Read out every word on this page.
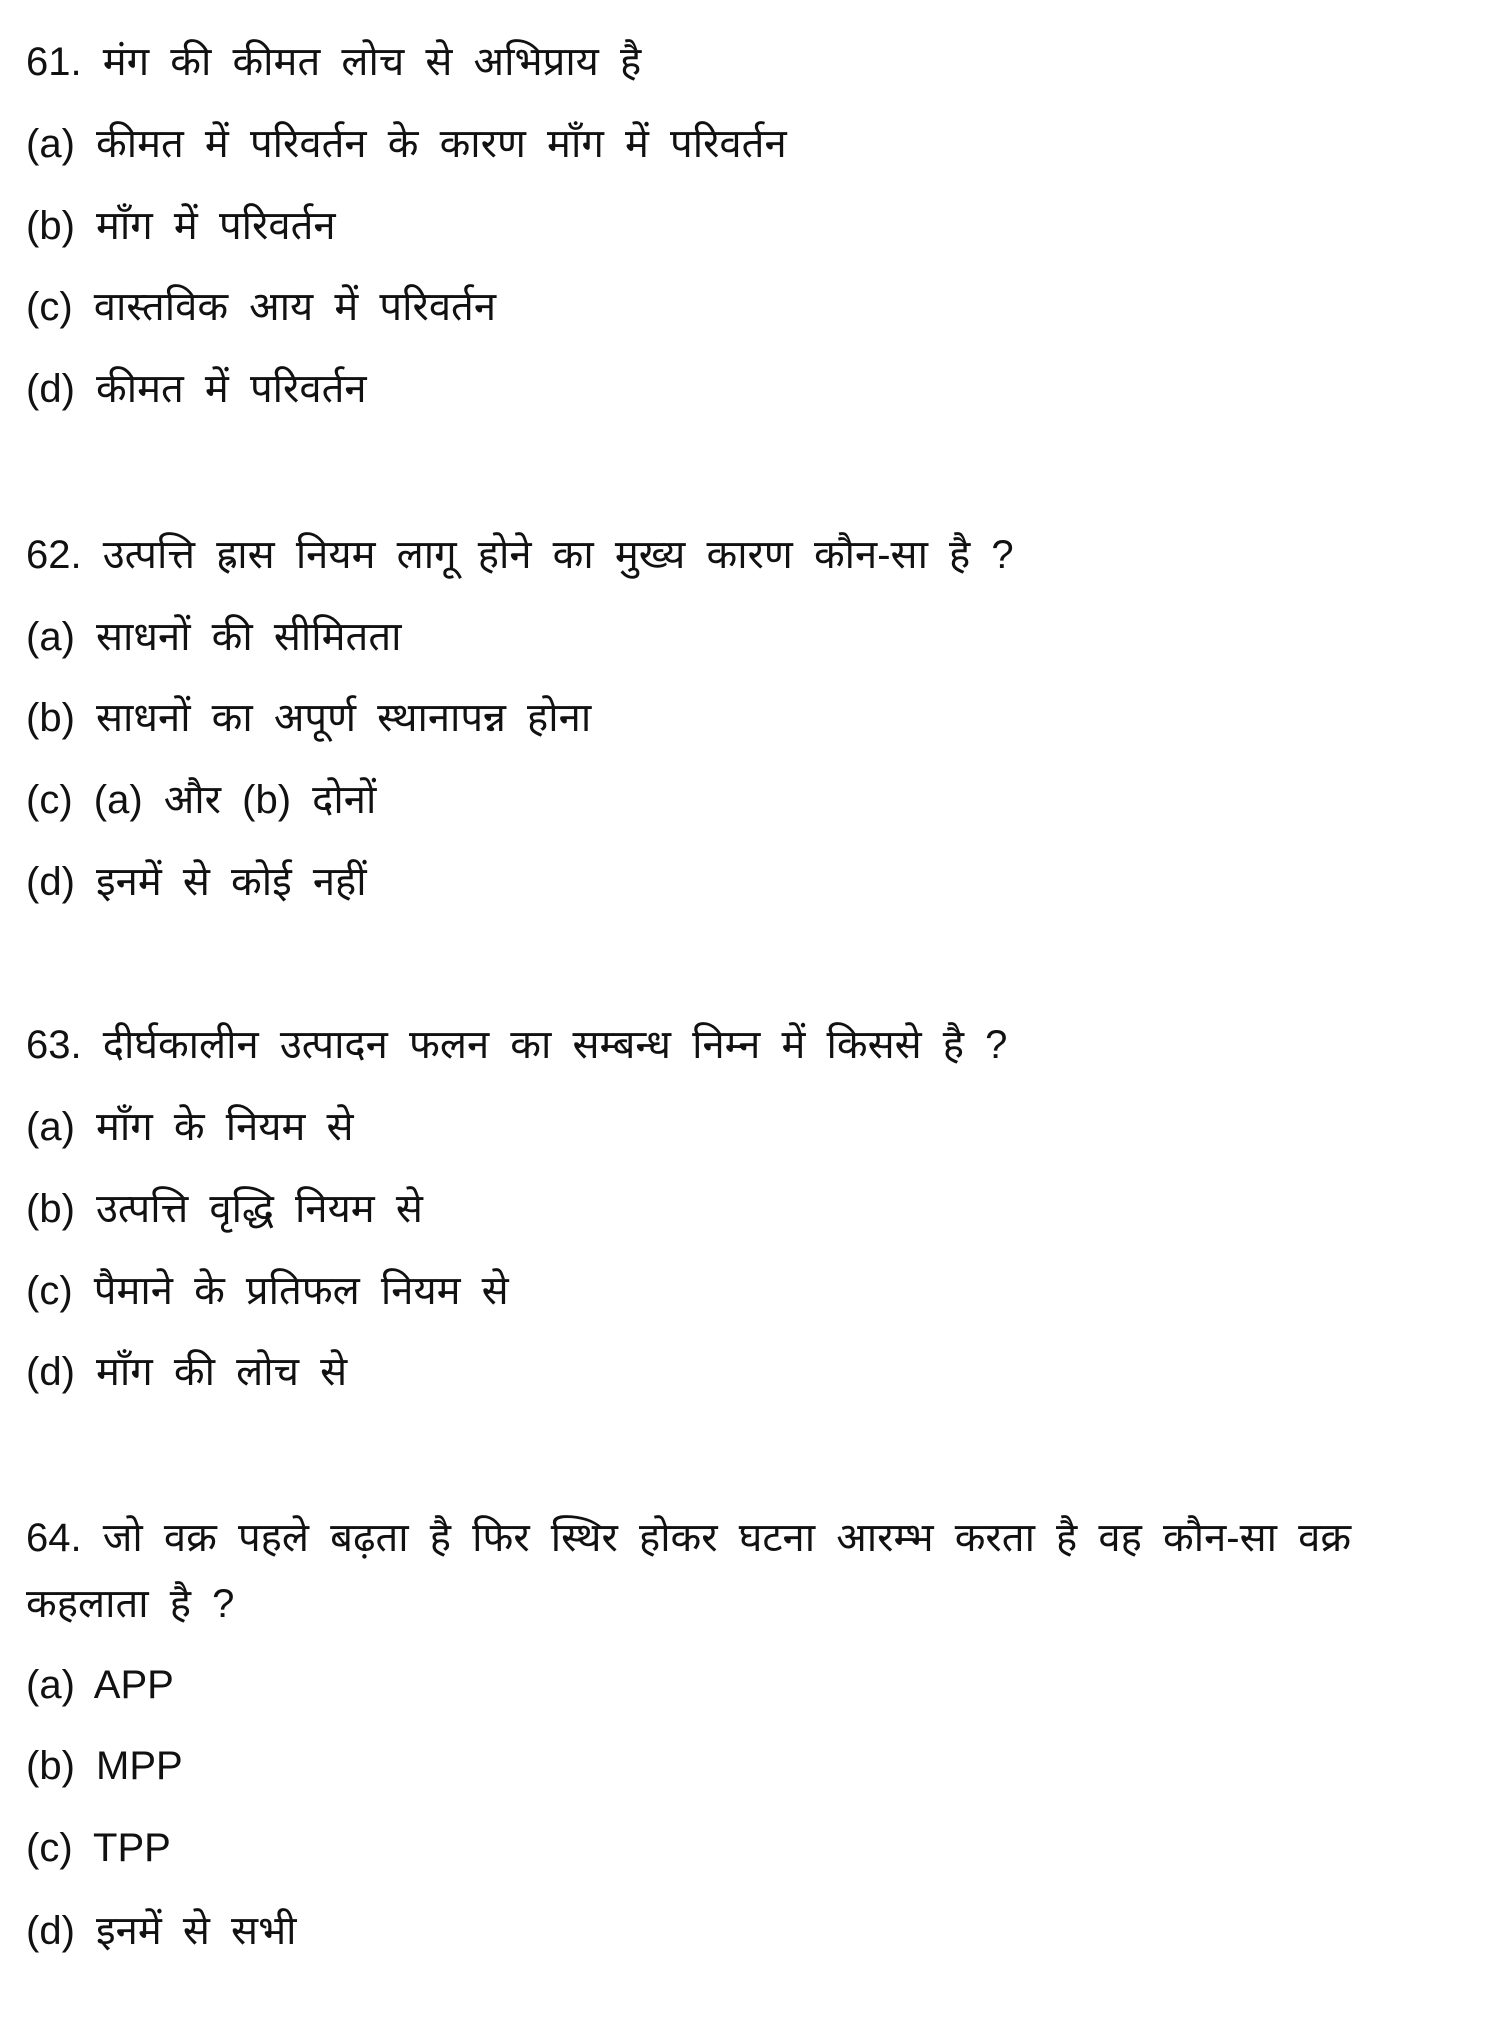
61. मंग की कीमत लोच से अभिप्राय है
(a) कीमत में परिवर्तन के कारण माँग में परिवर्तन
(b) माँग में परिवर्तन
(c) वास्तविक आय में परिवर्तन
(d) कीमत में परिवर्तन
62. उत्पत्ति ह्रास नियम लागू होने का मुख्य कारण कौन-सा है ?
(a) साधनों की सीमितता
(b) साधनों का अपूर्ण स्थानापन्न होना
(c) (a) और (b) दोनों
(d) इनमें से कोई नहीं
63. दीर्घकालीन उत्पादन फलन का सम्बन्ध निम्न में किससे है ?
(a) माँग के नियम से
(b) उत्पत्ति वृद्धि नियम से
(c) पैमाने के प्रतिफल नियम से
(d) माँग की लोच से
64. जो वक्र पहले बढ़ता है फिर स्थिर होकर घटना आरम्भ करता है वह कौन-सा वक्र कहलाता है ?
(a) APP
(b) MPP
(c) TPP
(d) इनमें से सभी
